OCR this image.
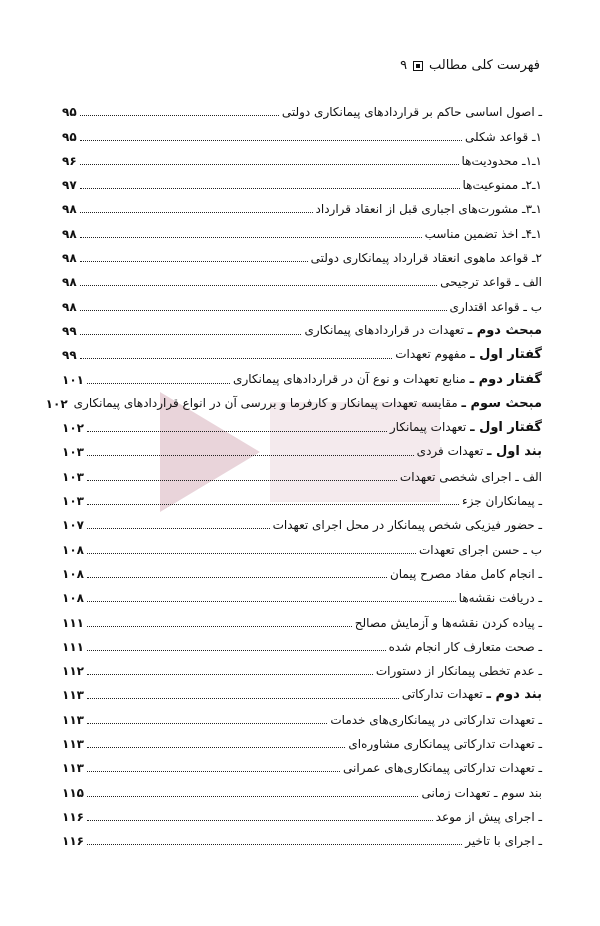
فهرست کلی مطالب
۹
ـ اصول اساسی حاکم بر قراردادهای پیمانکاری دولتی
۹۵
۱ـ قواعد شکلی
۹۵
۱ـ۱ـ محدودیت‌ها
۹۶
۱ـ۲ـ ممنوعیت‌ها
۹۷
۱ـ۳ـ مشورت‌های اجباری قبل از انعقاد قرارداد
۹۸
۱ـ۴ـ اخذ تضمین مناسب
۹۸
۲ـ قواعد ماهوی انعقاد قرارداد پیمانکاری دولتی
۹۸
الف ـ قواعد ترجیحی
۹۸
ب ـ قواعد اقتداری
۹۸
مبحث دوم ـ تعهدات در قراردادهای پیمانکاری
۹۹
گفتار اول ـ مفهوم تعهدات
۹۹
گفتار دوم ـ منابع تعهدات و نوع آن در قراردادهای پیمانکاری
۱۰۱
مبحث سوم ـ مقایسه تعهدات پیمانکار و کارفرما و بررسی آن در انواع قراردادهای پیمانکاری
۱۰۲
گفتار اول ـ تعهدات پیمانکار
۱۰۲
بند اول ـ تعهدات فردی
۱۰۳
الف ـ اجرای شخصی تعهدات
۱۰۳
ـ پیمانکاران جزء
۱۰۳
ـ حضور فیزیکی شخص پیمانکار در محل اجرای تعهدات
۱۰۷
ب ـ حسن اجرای تعهدات
۱۰۸
ـ انجام کامل مفاد مصرح پیمان
۱۰۸
ـ دریافت نقشه‌ها
۱۰۸
ـ پیاده کردن نقشه‌ها و آزمایش مصالح
۱۱۱
ـ صحت متعارف کار انجام شده
۱۱۱
ـ عدم تخطی پیمانکار از دستورات
۱۱۲
بند دوم ـ تعهدات تدارکاتی
۱۱۳
ـ تعهدات تدارکاتی در پیمانکاری‌های خدمات
۱۱۳
ـ تعهدات تدارکاتی پیمانکاری مشاوره‌ای
۱۱۳
ـ تعهدات تدارکاتی پیمانکاری‌های عمرانی
۱۱۳
بند سوم ـ تعهدات زمانی
۱۱۵
ـ اجرای پیش از موعد
۱۱۶
ـ اجرای با تاخیر
۱۱۶
